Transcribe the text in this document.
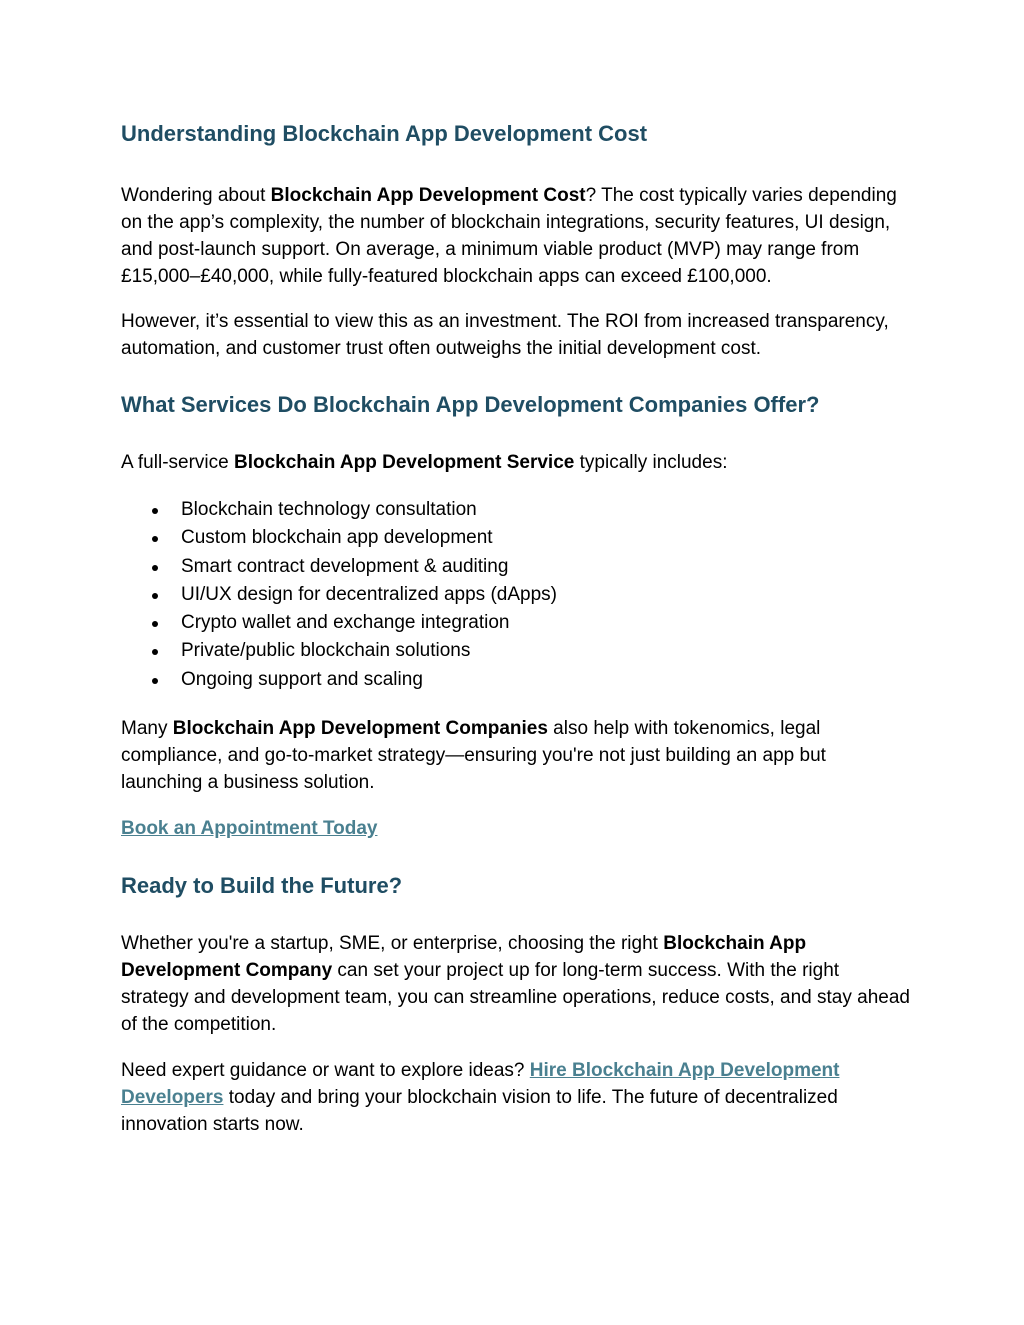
Understanding Blockchain App Development Cost

Wondering about Blockchain App Development Cost? The cost typically varies depending on the app’s complexity, the number of blockchain integrations, security features, UI design, and post-launch support. On average, a minimum viable product (MVP) may range from £15,000–£40,000, while fully-featured blockchain apps can exceed £100,000.

However, it’s essential to view this as an investment. The ROI from increased transparency, automation, and customer trust often outweighs the initial development cost.

What Services Do Blockchain App Development Companies Offer?

A full-service Blockchain App Development Service typically includes:

Blockchain technology consultation
Custom blockchain app development
Smart contract development & auditing
UI/UX design for decentralized apps (dApps)
Crypto wallet and exchange integration
Private/public blockchain solutions
Ongoing support and scaling

Many Blockchain App Development Companies also help with tokenomics, legal compliance, and go-to-market strategy—ensuring you're not just building an app but launching a business solution.

Book an Appointment Today

Ready to Build the Future?

Whether you're a startup, SME, or enterprise, choosing the right Blockchain App Development Company can set your project up for long-term success. With the right strategy and development team, you can streamline operations, reduce costs, and stay ahead of the competition.

Need expert guidance or want to explore ideas? Hire Blockchain App Development Developers today and bring your blockchain vision to life. The future of decentralized innovation starts now.
